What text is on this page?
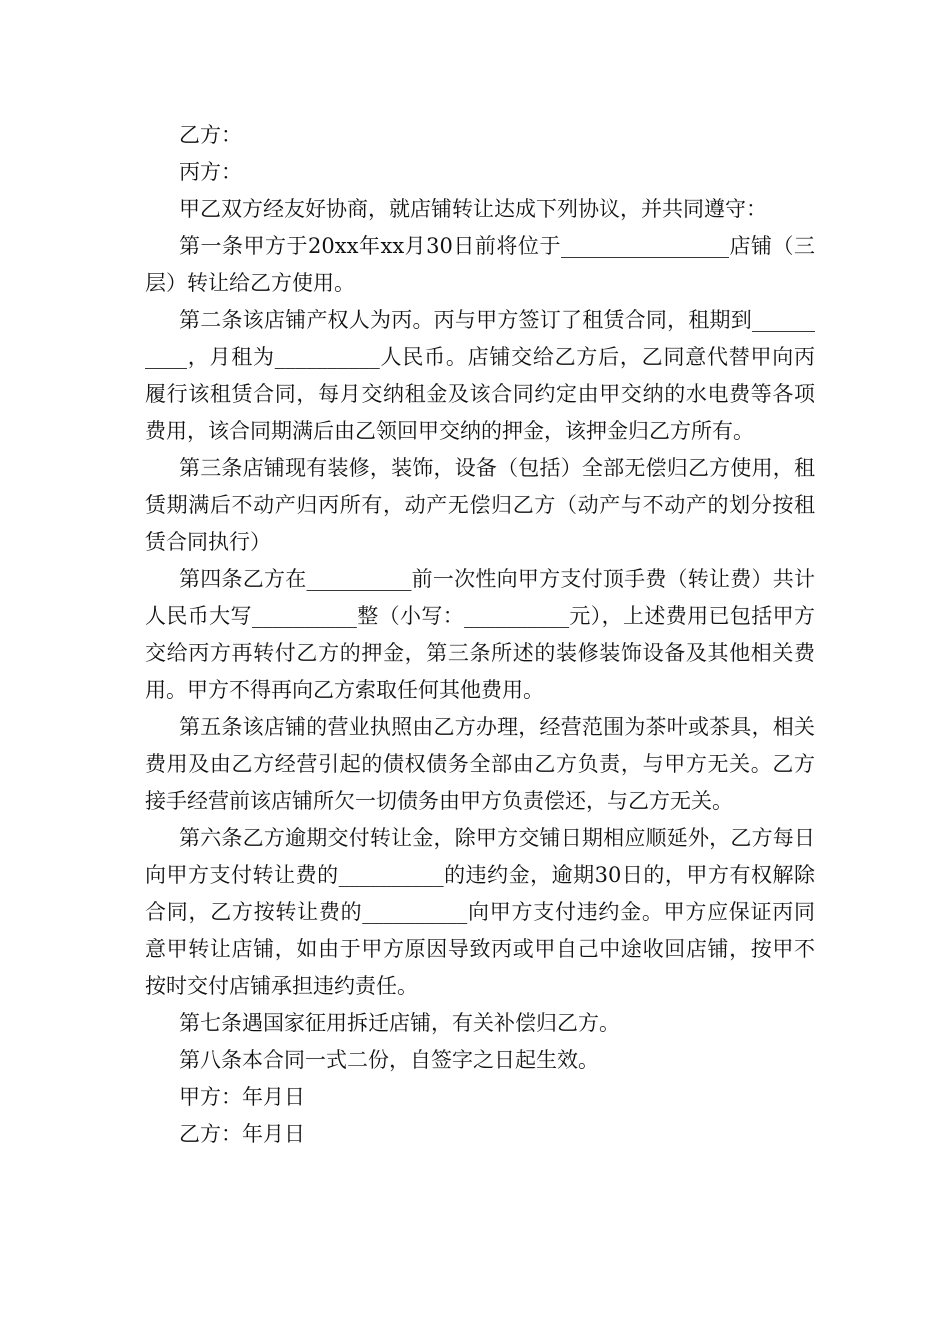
乙方：

丙方：

甲乙双方经友好协商，就店铺转让达成下列协议，并共同遵守：

第一条甲方于20xx年xx月30日前将位于________________店铺（三层）转让给乙方使用。

第二条该店铺产权人为丙。丙与甲方签订了租赁合同，租期到__________，月租为__________人民币。店铺交给乙方后，乙同意代替甲向丙履行该租赁合同，每月交纳租金及该合同约定由甲交纳的水电费等各项费用，该合同期满后由乙领回甲交纳的押金，该押金归乙方所有。

第三条店铺现有装修，装饰，设备（包括）全部无偿归乙方使用，租赁期满后不动产归丙所有，动产无偿归乙方（动产与不动产的划分按租赁合同执行）

第四条乙方在__________前一次性向甲方支付顶手费（转让费）共计人民币大写__________整（小写：__________元），上述费用已包括甲方交给丙方再转付乙方的押金，第三条所述的装修装饰设备及其他相关费用。甲方不得再向乙方索取任何其他费用。

第五条该店铺的营业执照由乙方办理，经营范围为茶叶或茶具，相关费用及由乙方经营引起的债权债务全部由乙方负责，与甲方无关。乙方接手经营前该店铺所欠一切债务由甲方负责偿还，与乙方无关。

第六条乙方逾期交付转让金，除甲方交铺日期相应顺延外，乙方每日向甲方支付转让费的__________的违约金，逾期30日的，甲方有权解除合同，乙方按转让费的__________向甲方支付违约金。甲方应保证丙同意甲转让店铺，如由于甲方原因导致丙或甲自己中途收回店铺，按甲不按时交付店铺承担违约责任。

第七条遇国家征用拆迁店铺，有关补偿归乙方。

第八条本合同一式二份，自签字之日起生效。

甲方：年月日

乙方：年月日
